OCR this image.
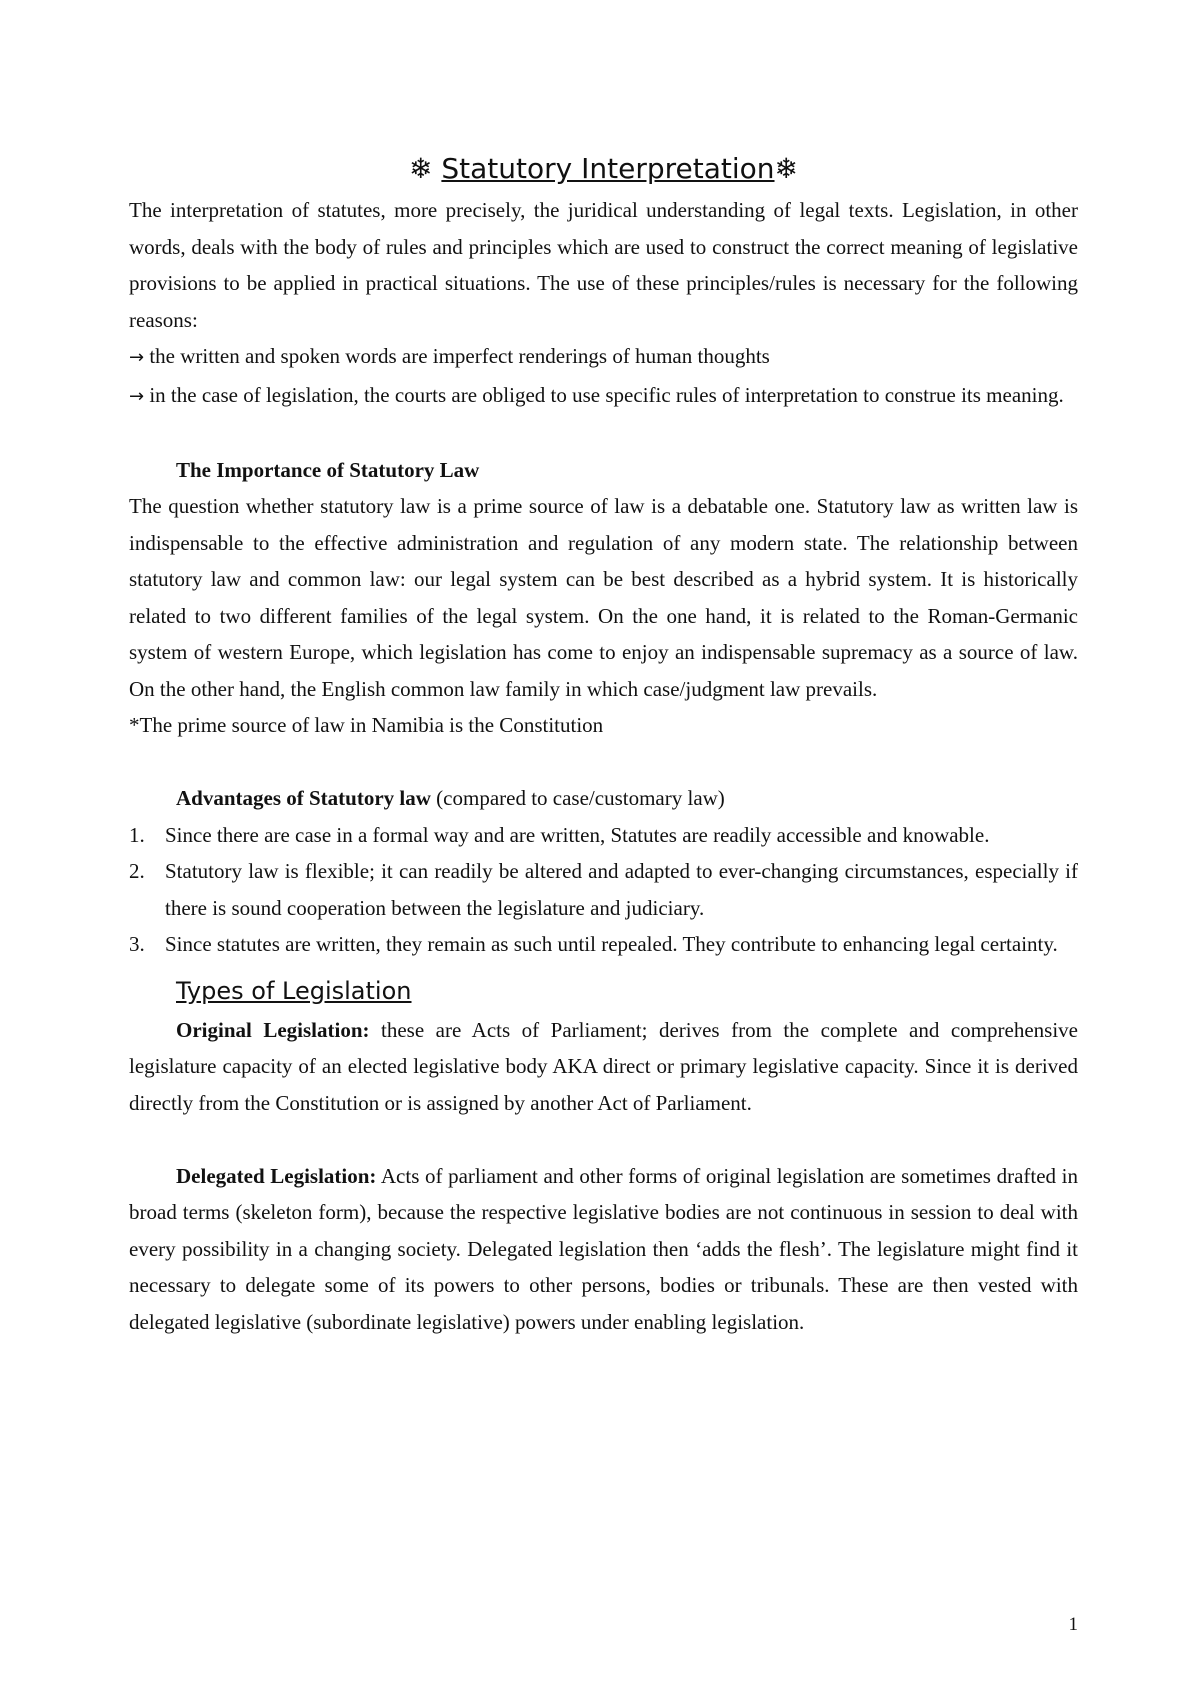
❄ Statutory Interpretation❄

The interpretation of statutes, more precisely, the juridical understanding of legal texts. Legislation, in other words, deals with the body of rules and principles which are used to construct the correct meaning of legislative provisions to be applied in practical situations. The use of these principles/rules is necessary for the following reasons:

→ the written and spoken words are imperfect renderings of human thoughts

→ in the case of legislation, the courts are obliged to use specific rules of interpretation to construe its meaning.

The Importance of Statutory Law

The question whether statutory law is a prime source of law is a debatable one. Statutory law as written law is indispensable to the effective administration and regulation of any modern state. The relationship between statutory law and common law: our legal system can be best described as a hybrid system. It is historically related to two different families of the legal system. On the one hand, it is related to the Roman-Germanic system of western Europe, which legislation has come to enjoy an indispensable supremacy as a source of law. On the other hand, the English common law family in which case/judgment law prevails.

*The prime source of law in Namibia is the Constitution

Advantages of Statutory law (compared to case/customary law)

1. Since there are case in a formal way and are written, Statutes are readily accessible and knowable.
2. Statutory law is flexible; it can readily be altered and adapted to ever-changing circumstances, especially if there is sound cooperation between the legislature and judiciary.
3. Since statutes are written, they remain as such until repealed. They contribute to enhancing legal certainty.

Types of Legislation

Original Legislation: these are Acts of Parliament; derives from the complete and comprehensive legislature capacity of an elected legislative body AKA direct or primary legislative capacity. Since it is derived directly from the Constitution or is assigned by another Act of Parliament.

Delegated Legislation: Acts of parliament and other forms of original legislation are sometimes drafted in broad terms (skeleton form), because the respective legislative bodies are not continuous in session to deal with every possibility in a changing society. Delegated legislation then ‘adds the flesh’. The legislature might find it necessary to delegate some of its powers to other persons, bodies or tribunals. These are then vested with delegated legislative (subordinate legislative) powers under enabling legislation.

1
